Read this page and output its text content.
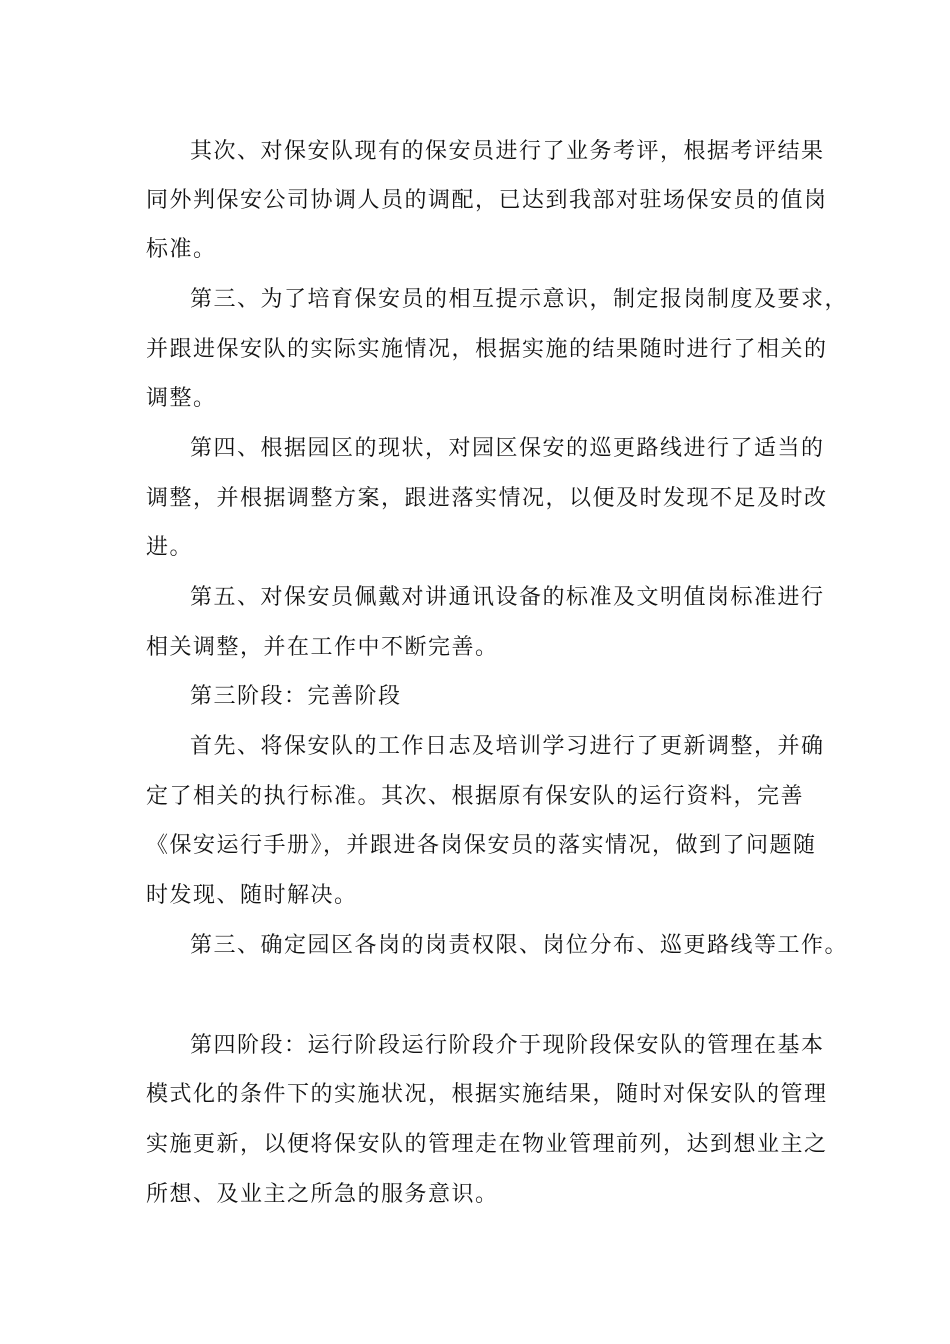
其次、对保安队现有的保安员进行了业务考评，根据考评结果
同外判保安公司协调人员的调配，已达到我部对驻场保安员的值岗
标准。
第三、为了培育保安员的相互提示意识，制定报岗制度及要求，
并跟进保安队的实际实施情况，根据实施的结果随时进行了相关的
调整。
第四、根据园区的现状，对园区保安的巡更路线进行了适当的
调整，并根据调整方案，跟进落实情况，以便及时发现不足及时改
进。
第五、对保安员佩戴对讲通讯设备的标准及文明值岗标准进行
相关调整，并在工作中不断完善。
第三阶段：完善阶段
首先、将保安队的工作日志及培训学习进行了更新调整，并确
定了相关的执行标准。其次、根据原有保安队的运行资料，完善
《保安运行手册》，并跟进各岗保安员的落实情况，做到了问题随
时发现、随时解决。
第三、确定园区各岗的岗责权限、岗位分布、巡更路线等工作。
第四阶段：运行阶段运行阶段介于现阶段保安队的管理在基本
模式化的条件下的实施状况，根据实施结果，随时对保安队的管理
实施更新，以便将保安队的管理走在物业管理前列，达到想业主之
所想、及业主之所急的服务意识。
